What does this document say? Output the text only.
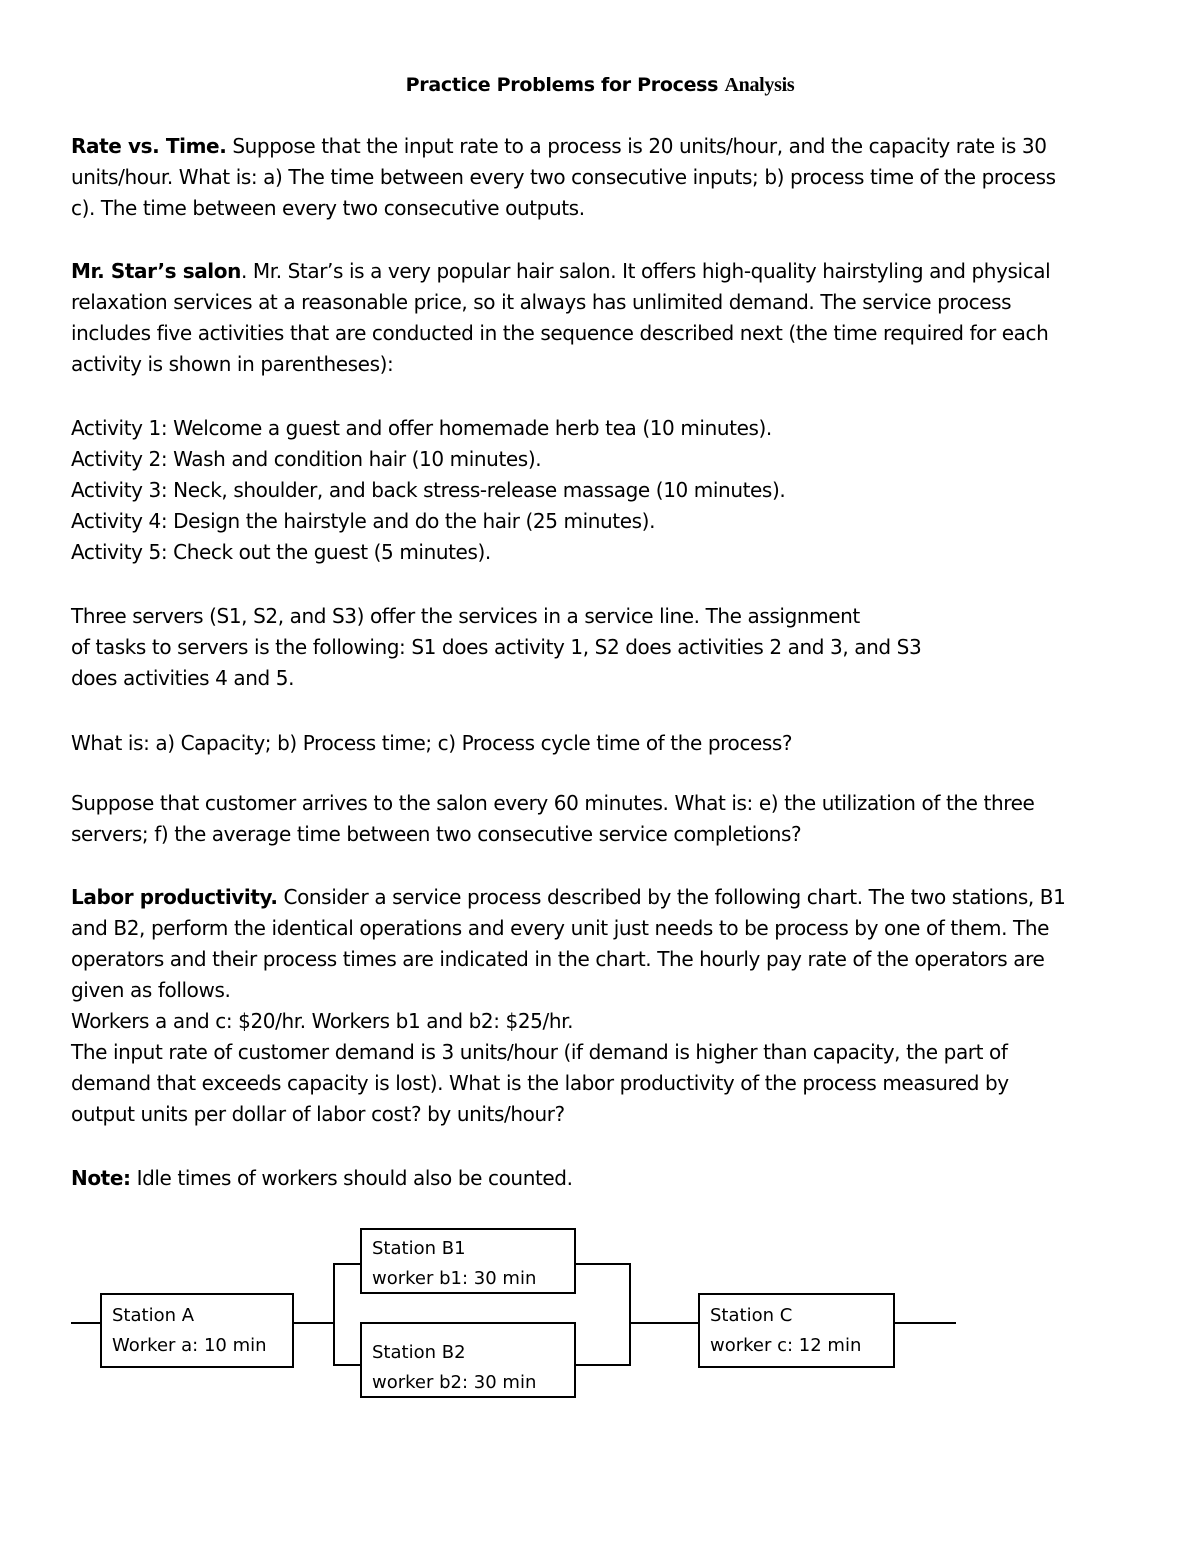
Practice Problems for Process Analysis
Rate vs. Time. Suppose that the input rate to a process is 20 units/hour, and the capacity rate is 30
units/hour. What is: a) The time between every two consecutive inputs; b) process time of the process
c). The time between every two consecutive outputs.
Mr. Star’s salon. Mr. Star’s is a very popular hair salon. It offers high-quality hairstyling and physical
relaxation services at a reasonable price, so it always has unlimited demand. The service process
includes five activities that are conducted in the sequence described next (the time required for each
activity is shown in parentheses):
Activity 1: Welcome a guest and offer homemade herb tea (10 minutes).
Activity 2: Wash and condition hair (10 minutes).
Activity 3: Neck, shoulder, and back stress-release massage (10 minutes).
Activity 4: Design the hairstyle and do the hair (25 minutes).
Activity 5: Check out the guest (5 minutes).
Three servers (S1, S2, and S3) offer the services in a service line. The assignment
of tasks to servers is the following: S1 does activity 1, S2 does activities 2 and 3, and S3
does activities 4 and 5.
What is: a) Capacity; b) Process time; c) Process cycle time of the process?
Suppose that customer arrives to the salon every 60 minutes. What is: e) the utilization of the three
servers; f) the average time between two consecutive service completions?
Labor productivity. Consider a service process described by the following chart. The two stations, B1
and B2, perform the identical operations and every unit just needs to be process by one of them. The
operators and their process times are indicated in the chart. The hourly pay rate of the operators are
given as follows.
Workers a and c: $20/hr. Workers b1 and b2: $25/hr.
The input rate of customer demand is 3 units/hour (if demand is higher than capacity, the part of
demand that exceeds capacity is lost). What is the labor productivity of the process measured by
output units per dollar of labor cost? by units/hour?
Note: Idle times of workers should also be counted.
Station A
Worker a: 10 min
Station B1
worker b1: 30 min
Station B2
worker b2: 30 min
Station C
worker c: 12 min
